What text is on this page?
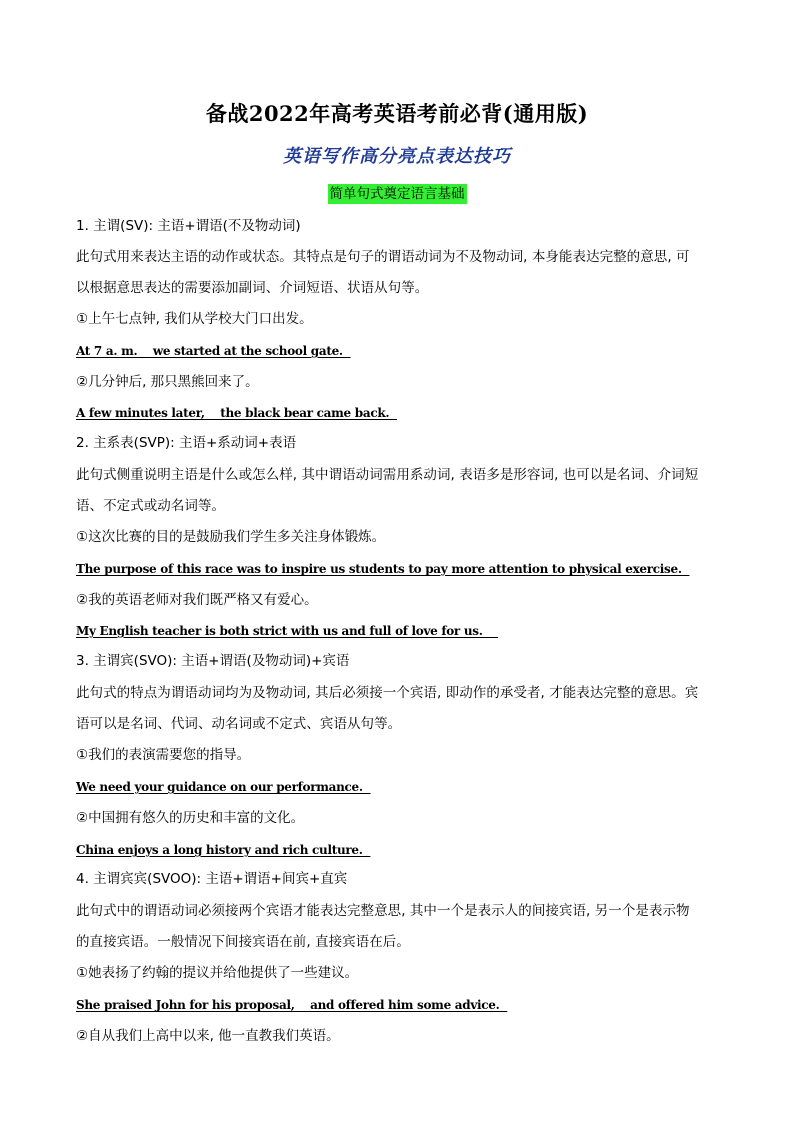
备战2022年高考英语考前必背(通用版)
英语写作高分亮点表达技巧
简单句式奠定语言基础

1. 主谓(SV): 主语+谓语(不及物动词)

此句式用来表达主语的动作或状态。其特点是句子的谓语动词为不及物动词, 本身能表达完整的意思, 可

以根据意思表达的需要添加副词、介词短语、状语从句等。

①上午七点钟, 我们从学校大门口出发。

At 7 a. m.    we started at the school gate.

②几分钟后, 那只黑熊回来了。

A few minutes later,    the black bear came back.

2. 主系表(SVP): 主语+系动词+表语

此句式侧重说明主语是什么或怎么样, 其中谓语动词需用系动词, 表语多是形容词, 也可以是名词、介词短

语、不定式或动名词等。

①这次比赛的目的是鼓励我们学生多关注身体锻炼。

The purpose of this race was to inspire us students to pay more attention to physical exercise.

②我的英语老师对我们既严格又有爱心。

My English teacher is both strict with us and full of love for us.

3. 主谓宾(SVO): 主语+谓语(及物动词)+宾语

此句式的特点为谓语动词均为及物动词, 其后必须接一个宾语, 即动作的承受者, 才能表达完整的意思。宾

语可以是名词、代词、动名词或不定式、宾语从句等。

①我们的表演需要您的指导。

We need your guidance on our performance.

②中国拥有悠久的历史和丰富的文化。

China enjoys a long history and rich culture.

4. 主谓宾宾(SVOO): 主语+谓语+间宾+直宾

此句式中的谓语动词必须接两个宾语才能表达完整意思, 其中一个是表示人的间接宾语, 另一个是表示物

的直接宾语。一般情况下间接宾语在前, 直接宾语在后。

①她表扬了约翰的提议并给他提供了一些建议。

She praised John for his proposal,    and offered him some advice.

②自从我们上高中以来, 他一直教我们英语。
